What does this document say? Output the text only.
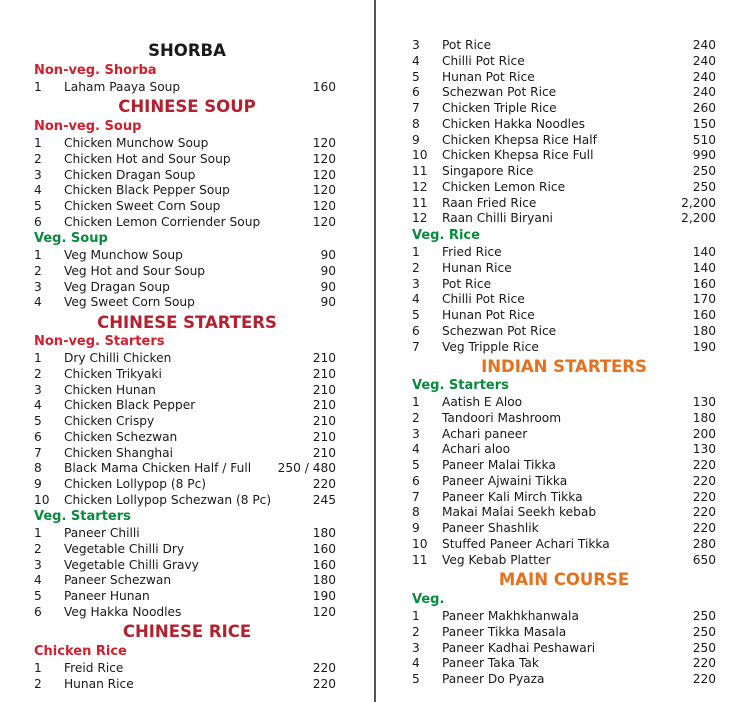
SHORBA
Non-veg. Shorba
CHINESE SOUP
Non-veg. Soup
Veg. Soup
CHINESE STARTERS
Non-veg. Starters
Veg. Starters
CHINESE RICE
Chicken Rice
1 Laham Paaya Soup	160
1 Chicken Munchow Soup	120
2 Chicken Hot and Sour Soup	120
3 Chicken Dragan Soup	120
4 Chicken Black Pepper Soup	120
5 Chicken Sweet Corn Soup	120
6 Chicken Lemon Corriender Soup	120
1 Veg Munchow Soup	90
2 Veg Hot and Sour Soup	90
3 Veg Dragan Soup	90
4 Veg Sweet Corn Soup	90
1 Dry Chilli Chicken	210
2 Chicken Trikyaki	210
3 Chicken Hunan	210
4 Chicken Black Pepper	210
5 Chicken Crispy	210
6 Chicken Schezwan	210
7 Chicken Shanghai	210
8 Black Mama Chicken Half / Full 250 / 480
9 Chicken Lollypop (8 Pc)	220
10 Chicken Lollypop Schezwan (8 Pc)	245
1 Paneer Chilli	180
2 Vegetable Chilli Dry	160
3 Vegetable Chilli Gravy	160
4 Paneer Schezwan	180
5 Paneer Hunan	190
6 Veg Hakka Noodles	120
1 Freid Rice	220
2 Hunan Rice	220
Veg. Rice
INDIAN STARTERS
Veg. Starters
MAIN COURSE
Veg.
3 Pot Rice	240
4 Chilli Pot Rice	240
5 Hunan Pot Rice	240
6 Schezwan Pot Rice	240
7 Chicken Triple Rice	260
8 Chicken Hakka Noodles	150
9 Chicken Khepsa Rice Half	510
10 Chicken Khepsa Rice Full	990
11 Singapore Rice	250
12 Chicken Lemon Rice	250
11 Raan Fried Rice	2,200
12 Raan Chilli Biryani	2,200
1 Fried Rice	140
2 Hunan Rice	140
3 Pot Rice	160
4 Chilli Pot Rice	170
5 Hunan Pot Rice	160
6 Schezwan Pot Rice	180
7 Veg Tripple Rice	190
1 Aatish E Aloo	130
2 Tandoori Mashroom	180
3 Achari paneer	200
4 Achari aloo	130
5 Paneer Malai Tikka	220
6 Paneer Ajwaini Tikka	220
7 Paneer Kali Mirch Tikka	220
8 Makai Malai Seekh kebab	220
9 Paneer Shashlik	220
10 Stuffed Paneer Achari Tikka	280
11 Veg Kebab Platter	650
1 Paneer Makhkhanwala	250
2 Paneer Tikka Masala	250
3 Paneer Kadhai Peshawari	250
4 Paneer Taka Tak	220
5 Paneer Do Pyaza	220
